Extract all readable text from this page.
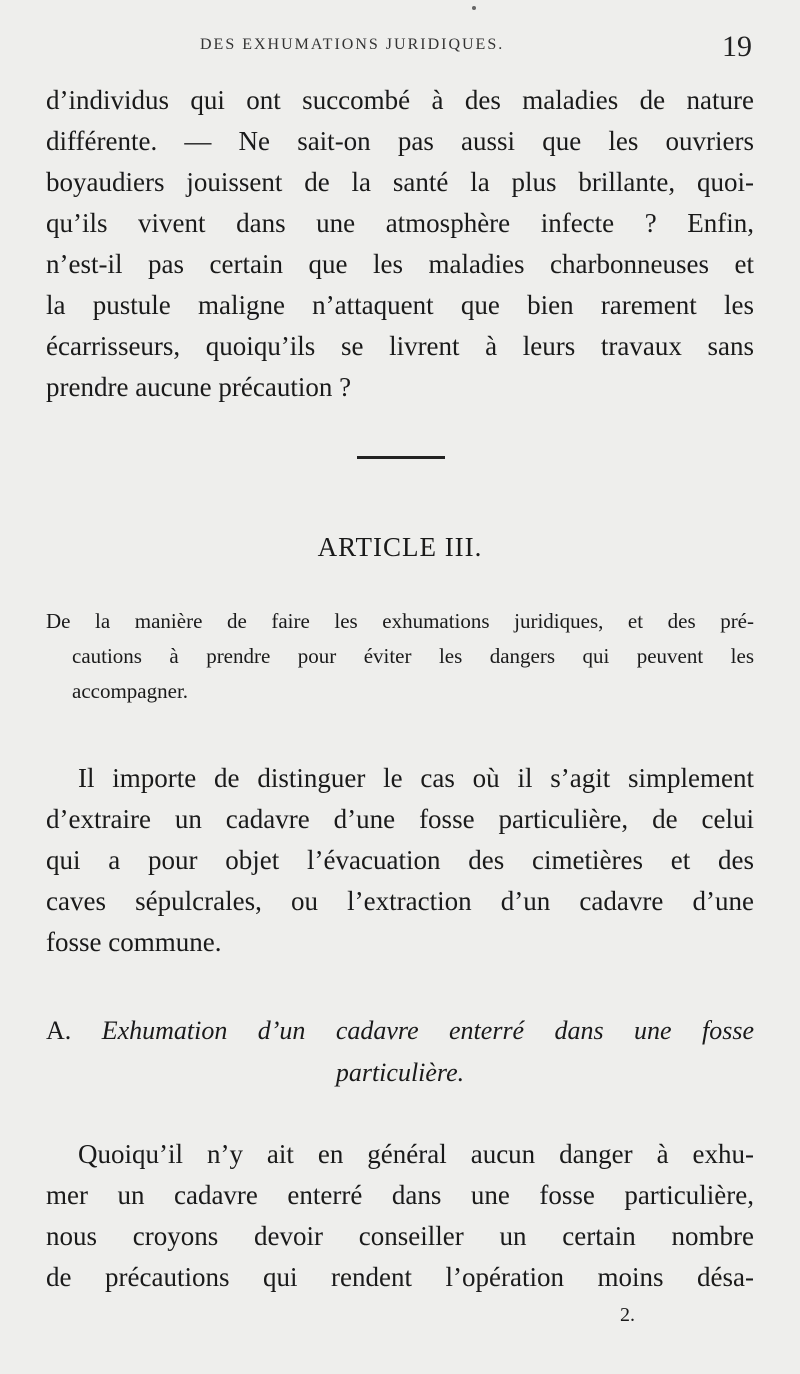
DES EXHUMATIONS JURIDIQUES.	19
d’individus qui ont succombé à des maladies de nature
différente. — Ne sait-on pas aussi que les ouvriers
boyaudiers jouissent de la santé la plus brillante, quoi-
qu’ils vivent dans une atmosphère infecte ? Enfin,
n’est-il pas certain que les maladies charbonneuses et
la pustule maligne n’attaquent que bien rarement les
écarrisseurs, quoiqu’ils se livrent à leurs travaux sans
prendre aucune précaution ?
ARTICLE III.
De la manière de faire les exhumations juridiques, et des pré-
cautions à prendre pour éviter les dangers qui peuvent les
accompagner.
Il importe de distinguer le cas où il s’agit simplement
d’extraire un cadavre d’une fosse particulière, de celui
qui a pour objet l’évacuation des cimetières et des
caves sépulcrales, ou l’extraction d’un cadavre d’une
fosse commune.
A. Exhumation d’un cadavre enterré dans une fosse
particulière.
Quoiqu’il n’y ait en général aucun danger à exhu-
mer un cadavre enterré dans une fosse particulière,
nous croyons devoir conseiller un certain nombre
de précautions qui rendent l’opération moins désa-
2.
